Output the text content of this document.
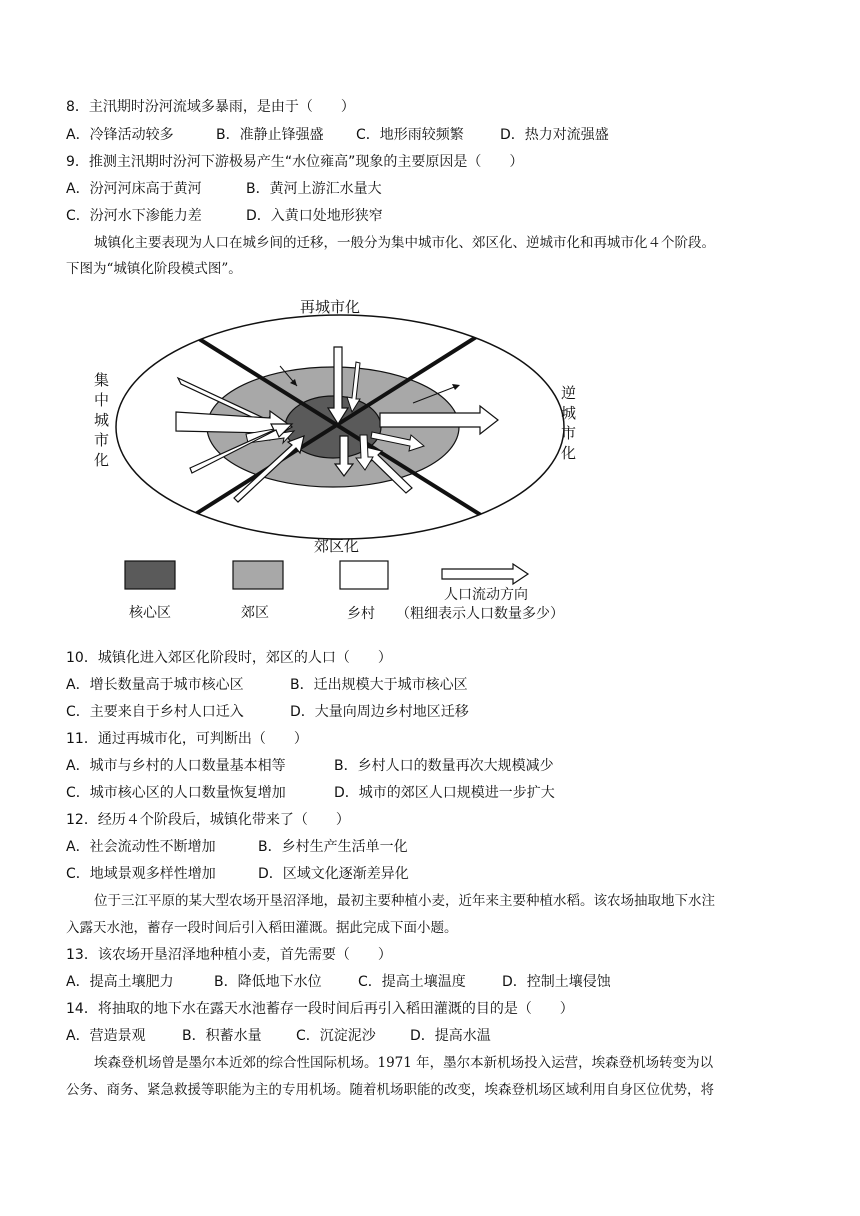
8．主汛期时汾河流域多暴雨，是由于（　　）
A．冷锋活动较多	B．准静止锋强盛 C．地形雨较频繁	D．热力对流强盛
9．推测主汛期时汾河下游极易产生“水位雍高”现象的主要原因是（　　）
A．汾河河床高于黄河	B．黄河上游汇水量大
C．汾河水下渗能力差	D．入黄口处地形狭窄
城镇化主要表现为人口在城乡间的迁移，一般分为集中城市化、郊区化、逆城市化和再城市化４个阶段。
下图为“城镇化阶段模式图”。
再城市化
集
中
城
市
化
逆
城
市
化
郊区化
核心区	郊区	乡村
人口流动方向
（粗细表示人口数量多少）
10．城镇化进入郊区化阶段时，郊区的人口（　　）
A．增长数量高于城市核心区	B．迁出规模大于城市核心区
C．主要来自于乡村人口迁入	D．大量向周边乡村地区迁移
11．通过再城市化，可判断出（　　）
A．城市与乡村的人口数量基本相等	B．乡村人口的数量再次大规模减少
C．城市核心区的人口数量恢复增加	D．城市的郊区人口规模进一步扩大
12．经历４个阶段后，城镇化带来了（　　）
A．社会流动性不断增加	B．乡村生产生活单一化
C．地域景观多样性增加	D．区域文化逐渐差异化
位于三江平原的某大型农场开垦沼泽地，最初主要种植小麦，近年来主要种植水稻。该农场抽取地下水注
入露天水池，蓄存一段时间后引入稻田灌溉。据此完成下面小题。
13．该农场开垦沼泽地种植小麦，首先需要（　　）
A．提高土壤肥力	B．降低地下水位	C．提高土壤温度	D．控制土壤侵蚀
14．将抽取的地下水在露天水池蓄存一段时间后再引入稻田灌溉的目的是（　　）
A．营造景观	B．积蓄水量 C．沉淀泥沙 D．提高水温
埃森登机场曾是墨尔本近郊的综合性国际机场。1971 年，墨尔本新机场投入运营，埃森登机场转变为以
公务、商务、紧急救援等职能为主的专用机场。随着机场职能的改变，埃森登机场区域利用自身区位优势，将
